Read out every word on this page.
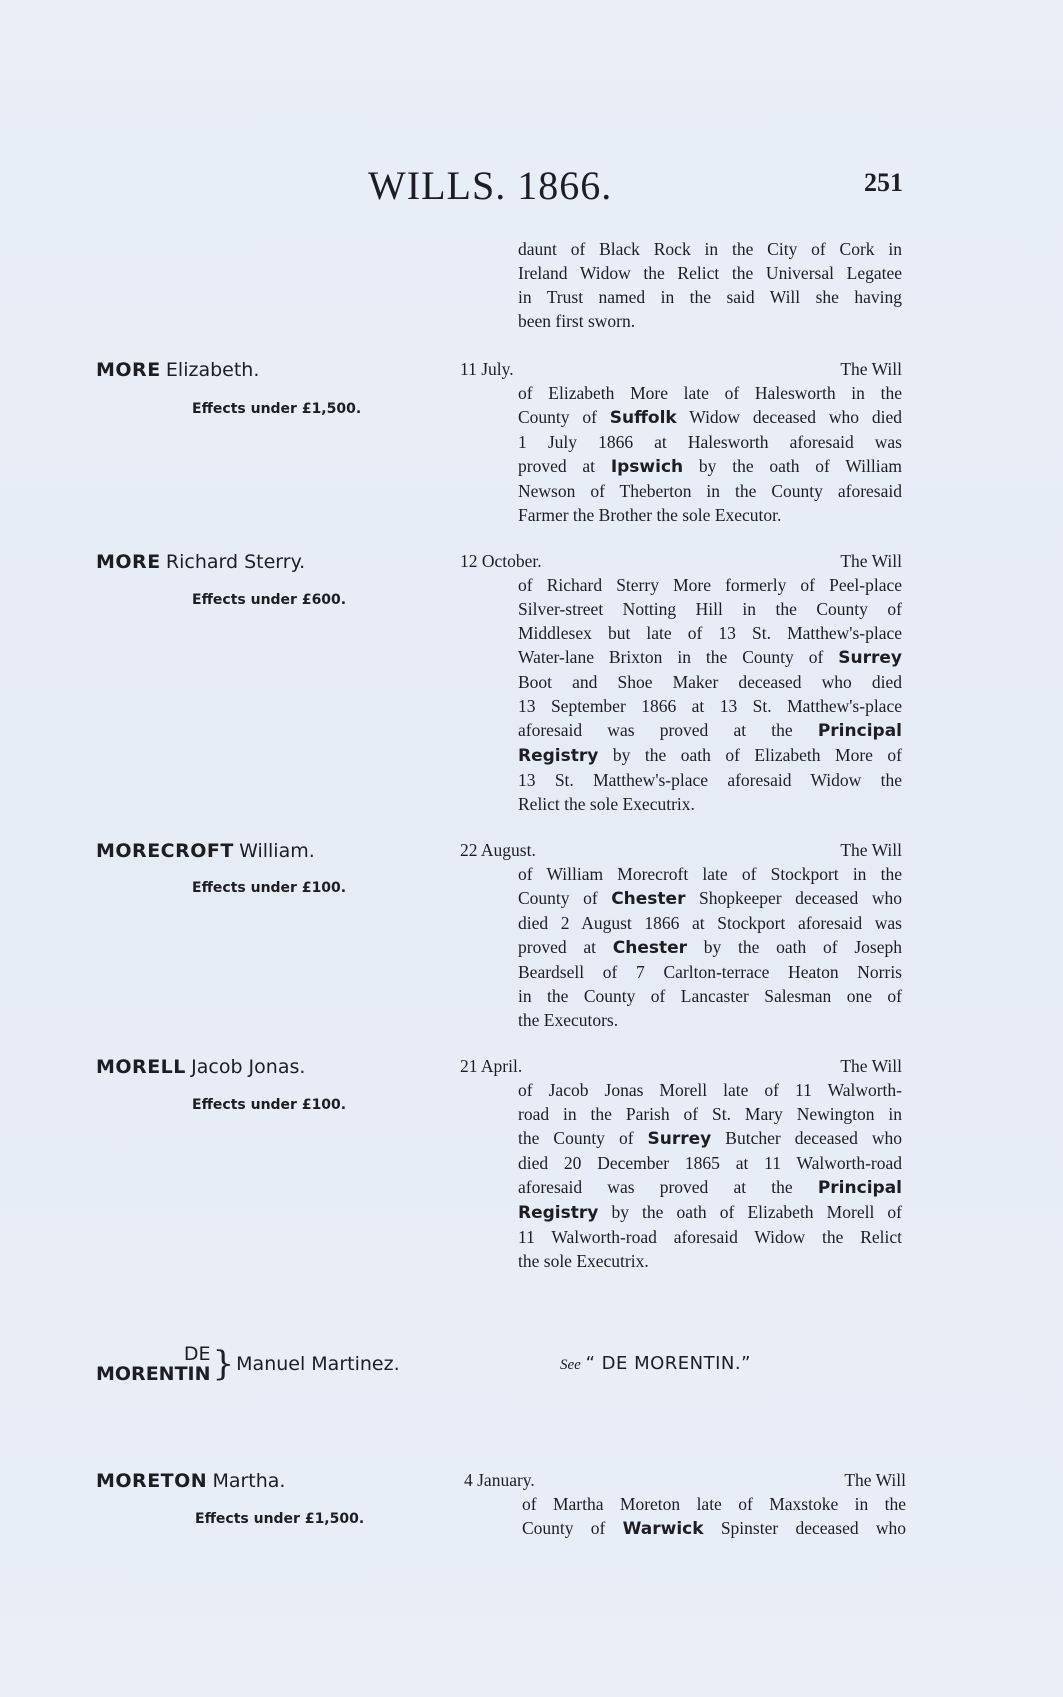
WILLS. 1866.	251
daunt of Black Rock in the City of Cork in
Ireland Widow the Relict the Universal Legatee
in Trust named in the said Will she having
been first sworn.
MORE Elizabeth.
Effects under £1,500.
11 July.	The Will
of Elizabeth More late of Halesworth in the
County of Suffolk Widow deceased who died
1 July 1866 at Halesworth aforesaid was
proved at Ipswich by the oath of William
Newson of Theberton in the County aforesaid
Farmer the Brother the sole Executor.
MORE Richard Sterry.
Effects under £600.
12 October.	The Will
of Richard Sterry More formerly of Peel-place
Silver-street Notting Hill in the County of
Middlesex but late of 13 St. Matthew's-place
Water-lane Brixton in the County of Surrey
Boot and Shoe Maker deceased who died
13 September 1866 at 13 St. Matthew's-place
aforesaid was proved at the Principal
Registry by the oath of Elizabeth More of
13 St. Matthew's-place aforesaid Widow the
Relict the sole Executrix.
MORECROFT William.
Effects under £100.
22 August.	The Will
of William Morecroft late of Stockport in the
County of Chester Shopkeeper deceased who
died 2 August 1866 at Stockport aforesaid was
proved at Chester by the oath of Joseph
Beardsell of 7 Carlton-terrace Heaton Norris
in the County of Lancaster Salesman one of
the Executors.
MORELL Jacob Jonas.
Effects under £100.
21 April.	The Will
of Jacob Jonas Morell late of 11 Walworth-
road in the Parish of St. Mary Newington in
the County of Surrey Butcher deceased who
died 20 December 1865 at 11 Walworth-road
aforesaid was proved at the Principal
Registry by the oath of Elizabeth Morell of
11 Walworth-road aforesaid Widow the Relict
the sole Executrix.
DE
MORENTIN } Manuel Martinez.	See “ DE MORENTIN.”
MORETON Martha.
Effects under £1,500.
4 January.	The Will
of Martha Moreton late of Maxstoke in the
County of Warwick Spinster deceased who
